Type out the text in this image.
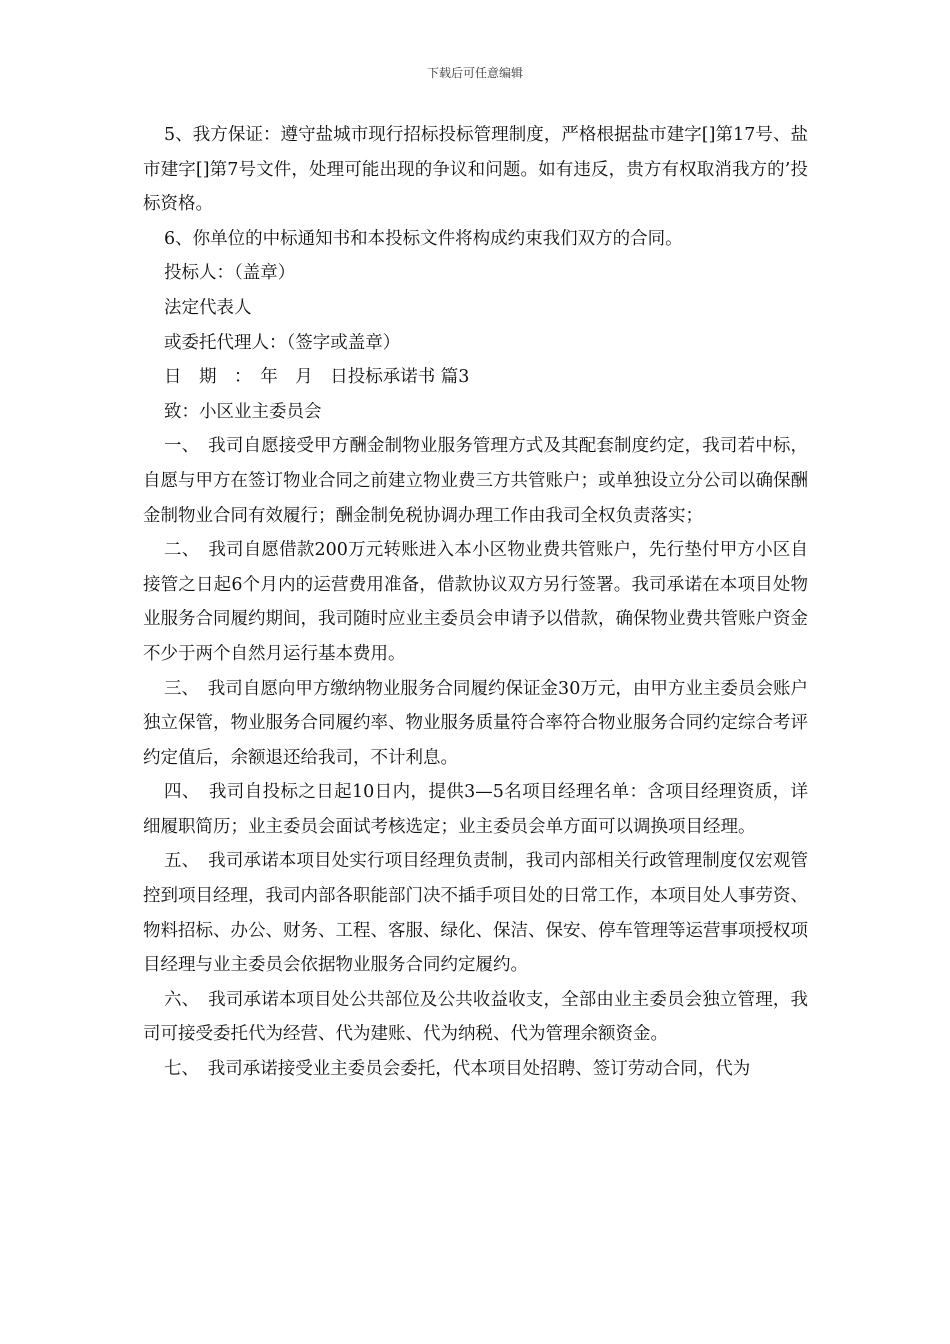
下载后可任意编辑

5、我方保证：遵守盐城市现行招标投标管理制度，严格根据盐市建字[]第17号、盐市建字[]第7号文件，处理可能出现的争议和问题。如有违反，贵方有权取消我方的’投标资格。

6、你单位的中标通知书和本投标文件将构成约束我们双方的合同。

投标人：（盖章）

法定代表人

或委托代理人：（签字或盖章）

日　期　：　年　月　日投标承诺书 篇3

致：小区业主委员会

一、　我司自愿接受甲方酬金制物业服务管理方式及其配套制度约定，我司若中标，自愿与甲方在签订物业合同之前建立物业费三方共管账户；或单独设立分公司以确保酬金制物业合同有效履行；酬金制免税协调办理工作由我司全权负责落实；

二、　我司自愿借款200万元转账进入本小区物业费共管账户，先行垫付甲方小区自接管之日起6个月内的运营费用准备，借款协议双方另行签署。我司承诺在本项目处物业服务合同履约期间，我司随时应业主委员会申请予以借款，确保物业费共管账户资金不少于两个自然月运行基本费用。

三、　我司自愿向甲方缴纳物业服务合同履约保证金30万元，由甲方业主委员会账户独立保管，物业服务合同履约率、物业服务质量符合率符合物业服务合同约定综合考评约定值后，余额退还给我司，不计利息。

四、　我司自投标之日起10日内，提供3—5名项目经理名单：含项目经理资质，详细履职简历；业主委员会面试考核选定；业主委员会单方面可以调换项目经理。

五、　我司承诺本项目处实行项目经理负责制，我司内部相关行政管理制度仅宏观管控到项目经理，我司内部各职能部门决不插手项目处的日常工作，本项目处人事劳资、物料招标、办公、财务、工程、客服、绿化、保洁、保安、停车管理等运营事项授权项目经理与业主委员会依据物业服务合同约定履约。

六、　我司承诺本项目处公共部位及公共收益收支，全部由业主委员会独立管理，我司可接受委托代为经营、代为建账、代为纳税、代为管理余额资金。

七、　我司承诺接受业主委员会委托，代本项目处招聘、签订劳动合同，代为
